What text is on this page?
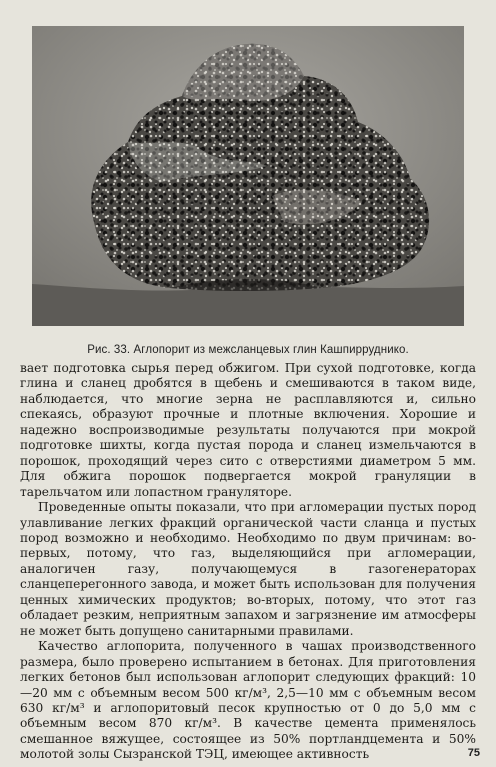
Рис. 33. Аглопорит из межсланцевых глин Кашпирруднико.

вает подготовка сырья перед обжигом. При сухой подготовке, когда глина и сланец дробятся в щебень и смешиваются в таком виде, наблюдается, что многие зерна не расплавляются и, сильно спекаясь, образуют прочные и плотные включения. Хорошие и надежно воспроизводимые результаты получаются при мокрой подготовке шихты, когда пустая порода и сланец измельчаются в порошок, проходящий через сито с отверстиями диаметром 5 мм. Для обжига порошок подвергается мокрой грануляции в тарельчатом или лопастном грануляторе.

Проведенные опыты показали, что при агломерации пустых пород улавливание легких фракций органической части сланца и пустых пород возможно и необходимо. Необходимо по двум причинам: во-первых, потому, что газ, выделяющийся при агломерации, аналогичен газу, получающемуся в газогенераторах сланцеперегонного завода, и может быть использован для получения ценных химических продуктов; во-вторых, потому, что этот газ обладает резким, неприятным запахом и загрязнение им атмосферы не может быть допущено санитарными правилами.

Качество аглопорита, полученного в чашах производственного размера, было проверено испытанием в бетонах. Для приготовления легких бетонов был использован аглопорит следующих фракций: 10—20 мм с объемным весом 500 кг/м³, 2,5—10 мм с объемным весом 630 кг/м³ и аглопоритовый песок крупностью от 0 до 5,0 мм с объемным весом 870 кг/м³. В качестве цемента применялось смешанное вяжущее, состоящее из 50% портландцемента и 50% молотой золы Сызранской ТЭЦ, имеющее активность	75
